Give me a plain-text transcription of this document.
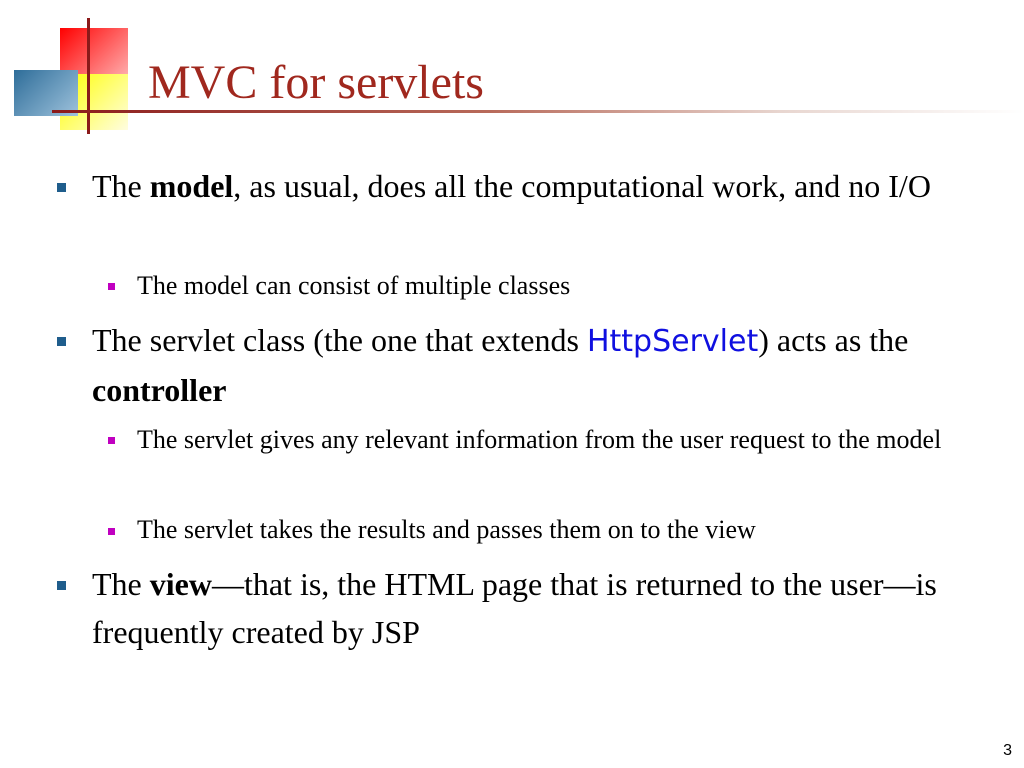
MVC for servlets
The model, as usual, does all the computational work, and no I/O
The model can consist of multiple classes
The servlet class (the one that extends HttpServlet) acts as the controller
The servlet gives any relevant information from the user request to the model
The servlet takes the results and passes them on to the view
The view—that is, the HTML page that is returned to the user—is frequently created by JSP
3
